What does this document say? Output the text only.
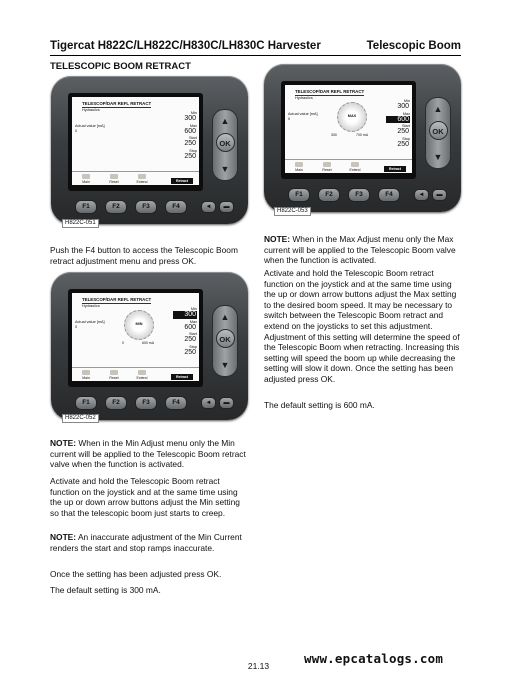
Tigercat H822C/LH822C/H830C/LH830C Harvester	Telescopic Boom
TELESCOPIC BOOM RETRACT
TELESCOP/DAR REFL RETRACT
Hydraulics
Actual value [mA]
0
Min
300
Max
600
Start
250
Stop
250
Main	Reset	Extend	Retract
▲
OK
▼
F1	F2	F3	F4	◄	▬
H822C-051
TELESCOP/DAR REFL RETRACT
Hydraulics
Actual value [mA]
0
MAX
300	700 mA
Min
300
Max
600
Start
250
Stop
250
Main	Reset	Extend	Retract
▲
OK
▼
F1	F2	F3	F4	◄	▬
H822C-053
TELESCOP/DAR REFL RETRACT
Hydraulics
Actual value [mA]
0
MIN
0	600 mA
Min
300
Max
600
Start
250
Stop
250
Main	Reset	Extend	Retract
▲
OK
▼
F1	F2	F3	F4	◄	▬
H822C-052

Push the F4 button to access the Telescopic Boom retract adjustment menu and press OK.

NOTE: When in the Min Adjust menu only the Min current will be applied to the Telescopic Boom retract valve when the function is activated.

Activate and hold the Telescopic Boom retract function on the joystick and at the same time using the up or down arrow buttons adjust the Min setting so that the telescopic boom just starts to creep.

NOTE: An inaccurate adjustment of the Min Current renders the start and stop ramps inaccurate.

Once the setting has been adjusted press OK.

The default setting is 300 mA.

NOTE: When in the Max Adjust menu only the Max current will be applied to the Telescopic Boom valve when the function is activated.

Activate and hold the Telescopic Boom retract function on the joystick and at the same time using the up or down arrow buttons adjust the Max setting to the desired boom speed. It may be necessary to switch between the Telescopic Boom retract and extend on the joysticks to set this adjustment. Adjustment of this setting will determine the speed of the Telescopic Boom when retracting. Increasing this setting will speed the boom up while decreasing the setting will slow it down. Once the setting has been adjusted press OK.

The default setting is 600 mA.

21.13	www.epcatalogs.com
